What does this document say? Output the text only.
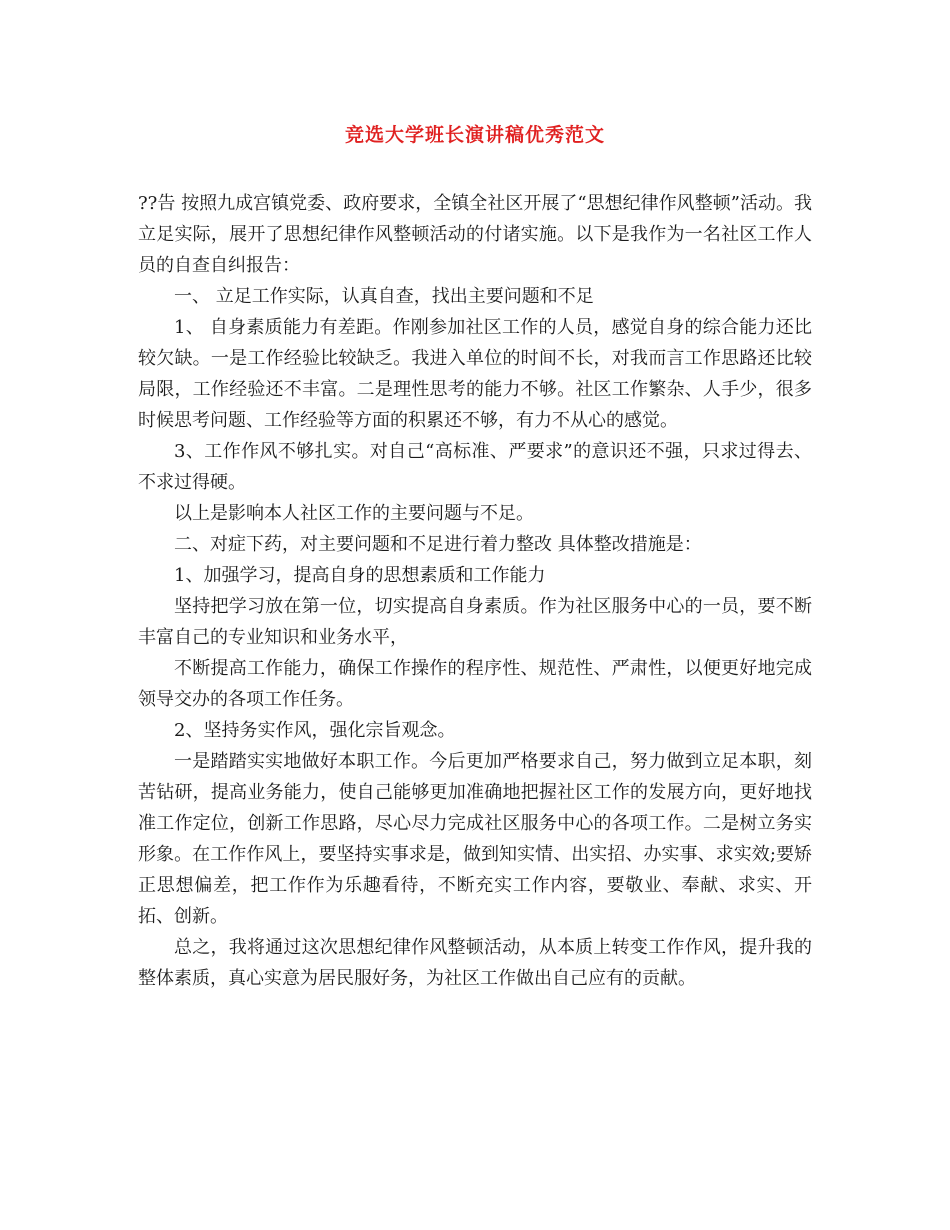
竞选大学班长演讲稿优秀范文

??告 按照九成宫镇党委、政府要求，全镇全社区开展了“思想纪律作风整顿”活动。我立足实际，展开了思想纪律作风整顿活动的付诸实施。以下是我作为一名社区工作人员的自查自纠报告：

一、 立足工作实际，认真自查，找出主要问题和不足

1、 自身素质能力有差距。作刚参加社区工作的人员，感觉自身的综合能力还比较欠缺。一是工作经验比较缺乏。我进入单位的时间不长，对我而言工作思路还比较局限，工作经验还不丰富。二是理性思考的能力不够。社区工作繁杂、人手少，很多时候思考问题、工作经验等方面的积累还不够，有力不从心的感觉。

3、工作作风不够扎实。对自己“高标准、严要求”的意识还不强，只求过得去、不求过得硬。

以上是影响本人社区工作的主要问题与不足。

二、对症下药，对主要问题和不足进行着力整改 具体整改措施是：

1、加强学习，提高自身的思想素质和工作能力

坚持把学习放在第一位，切实提高自身素质。作为社区服务中心的一员，要不断丰富自己的专业知识和业务水平，

不断提高工作能力，确保工作操作的程序性、规范性、严肃性，以便更好地完成领导交办的各项工作任务。

2、坚持务实作风，强化宗旨观念。

一是踏踏实实地做好本职工作。今后更加严格要求自己，努力做到立足本职，刻苦钻研，提高业务能力，使自己能够更加准确地把握社区工作的发展方向，更好地找准工作定位，创新工作思路，尽心尽力完成社区服务中心的各项工作。二是树立务实形象。在工作作风上，要坚持实事求是，做到知实情、出实招、办实事、求实效;要矫正思想偏差，把工作作为乐趣看待，不断充实工作内容，要敬业、奉献、求实、开拓、创新。

总之，我将通过这次思想纪律作风整顿活动，从本质上转变工作作风，提升我的整体素质，真心实意为居民服好务，为社区工作做出自己应有的贡献。
